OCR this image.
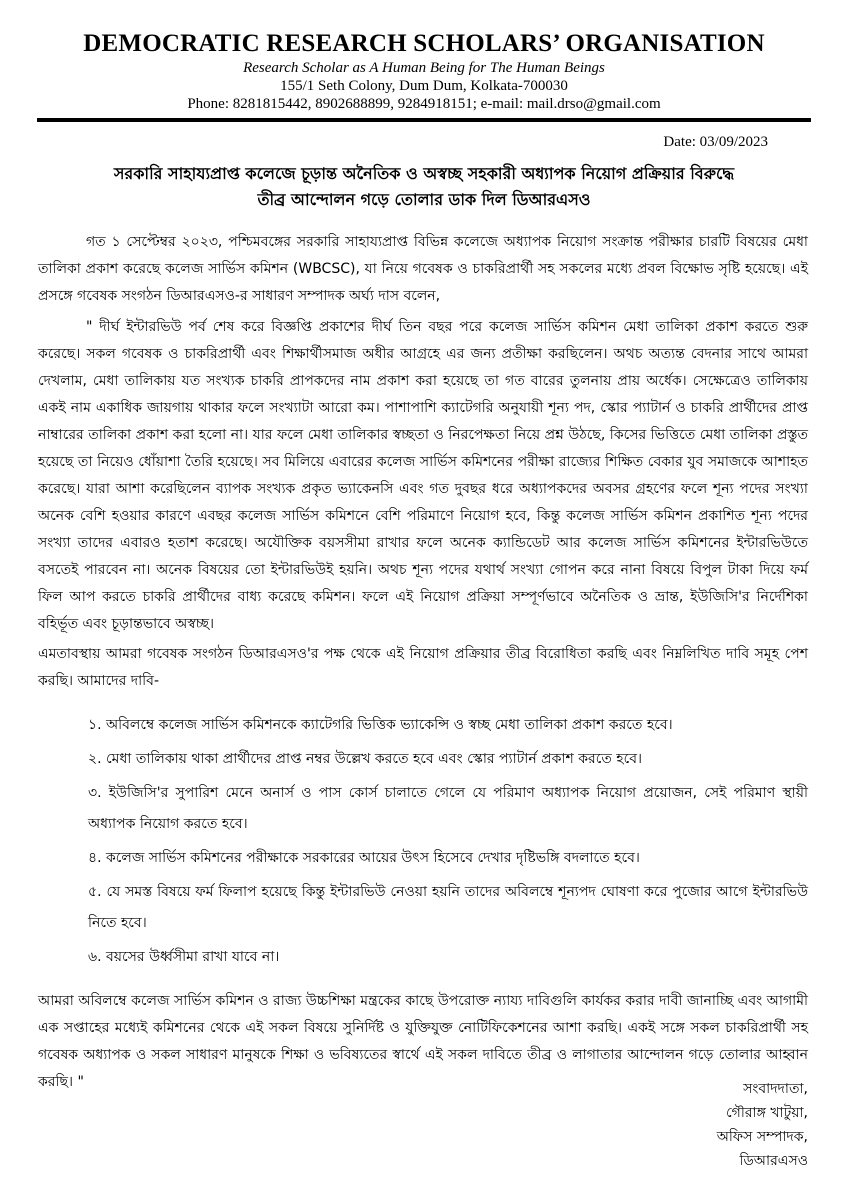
DEMOCRATIC RESEARCH SCHOLARS’ ORGANISATION
Research Scholar as A Human Being for The Human Beings
155/1 Seth Colony, Dum Dum, Kolkata-700030
Phone: 8281815442, 8902688899, 9284918151; e-mail: mail.drso@gmail.com
Date: 03/09/2023
সরকারি সাহায্যপ্রাপ্ত কলেজে চূড়ান্ত অনৈতিক ও অস্বচ্ছ সহকারী অধ্যাপক নিয়োগ প্রক্রিয়ার বিরুদ্ধে
তীব্র আন্দোলন গড়ে তোলার ডাক দিল ডিআরএসও
গত ১ সেপ্টেম্বর ২০২৩, পশ্চিমবঙ্গের সরকারি সাহায্যপ্রাপ্ত বিভিন্ন কলেজে অধ্যাপক নিয়োগ সংক্রান্ত পরীক্ষার চারটি বিষয়ের মেধা তালিকা প্রকাশ করেছে কলেজ সার্ভিস কমিশন (WBCSC), যা নিয়ে গবেষক ও চাকরিপ্রার্থী সহ সকলের মধ্যে প্রবল বিক্ষোভ সৃষ্টি হয়েছে। এই প্রসঙ্গে গবেষক সংগঠন ডিআরএসও-র সাধারণ সম্পাদক অর্ঘ্য দাস বলেন,
" দীর্ঘ ইন্টারভিউ পর্ব শেষ করে বিজ্ঞপ্তি প্রকাশের দীর্ঘ তিন বছর পরে কলেজ সার্ভিস কমিশন মেধা তালিকা প্রকাশ করতে শুরু করেছে। সকল গবেষক ও চাকরিপ্রার্থী এবং শিক্ষার্থীসমাজ অধীর আগ্রহে এর জন্য প্রতীক্ষা করছিলেন। অথচ অত্যন্ত বেদনার সাথে আমরা দেখলাম, মেধা তালিকায় যত সংখ্যক চাকরি প্রাপকদের নাম প্রকাশ করা হয়েছে তা গত বারের তুলনায় প্রায় অর্ধেক। সেক্ষেত্রেও তালিকায় একই নাম একাধিক জায়গায় থাকার ফলে সংখ্যাটা আরো কম। পাশাপাশি ক্যাটেগরি অনুযায়ী শূন্য পদ, স্কোর প্যাটার্ন ও চাকরি প্রার্থীদের প্রাপ্ত নাম্বারের তালিকা প্রকাশ করা হলো না। যার ফলে মেধা তালিকার স্বচ্ছতা ও নিরপেক্ষতা নিয়ে প্রশ্ন উঠছে, কিসের ভিত্তিতে মেধা তালিকা প্রস্তুত হয়েছে তা নিয়েও ধোঁয়াশা তৈরি হয়েছে। সব মিলিয়ে এবারের কলেজ সার্ভিস কমিশনের পরীক্ষা রাজ্যের শিক্ষিত বেকার যুব সমাজকে আশাহত করেছে। যারা আশা করেছিলেন ব্যাপক সংখ্যক প্রকৃত ভ্যাকেনসি এবং গত দুবছর ধরে অধ্যাপকদের অবসর গ্রহণের ফলে শূন্য পদের সংখ্যা অনেক বেশি হওয়ার কারণে এবছর কলেজ সার্ভিস কমিশনে বেশি পরিমাণে নিয়োগ হবে, কিন্তু কলেজ সার্ভিস কমিশন প্রকাশিত শূন্য পদের সংখ্যা তাদের এবারও হতাশ করেছে। অযৌক্তিক বয়সসীমা রাখার ফলে অনেক ক্যান্ডিডেট আর কলেজ সার্ভিস কমিশনের ইন্টারভিউতে বসতেই পারবেন না। অনেক বিষয়ের তো ইন্টারভিউই হয়নি। অথচ শূন্য পদের যথার্থ সংখ্যা গোপন করে নানা বিষয়ে বিপুল টাকা দিয়ে ফর্ম ফিল আপ করতে চাকরি প্রার্থীদের বাধ্য করেছে কমিশন। ফলে এই নিয়োগ প্রক্রিয়া সম্পূর্ণভাবে অনৈতিক ও ভ্রান্ত, ইউজিসি'র নির্দেশিকা বহির্ভূত এবং চূড়ান্তভাবে অস্বচ্ছ।
এমতাবস্থায় আমরা গবেষক সংগঠন ডিআরএসও'র পক্ষ থেকে এই নিয়োগ প্রক্রিয়ার তীব্র বিরোধিতা করছি এবং নিম্নলিখিত দাবি সমূহ পেশ করছি। আমাদের দাবি-
১. অবিলম্বে কলেজ সার্ভিস কমিশনকে ক্যাটেগরি ভিত্তিক ভ্যাকেন্সি ও স্বচ্ছ মেধা তালিকা প্রকাশ করতে হবে।
২. মেধা তালিকায় থাকা প্রার্থীদের প্রাপ্ত নম্বর উল্লেখ করতে হবে এবং স্কোর প্যাটার্ন প্রকাশ করতে হবে।
৩. ইউজিসি'র সুপারিশ মেনে অনার্স ও পাস কোর্স চালাতে গেলে যে পরিমাণ অধ্যাপক নিয়োগ প্রয়োজন, সেই পরিমাণ স্থায়ী অধ্যাপক নিয়োগ করতে হবে।
৪. কলেজ সার্ভিস কমিশনের পরীক্ষাকে সরকারের আয়ের উৎস হিসেবে দেখার দৃষ্টিভঙ্গি বদলাতে হবে।
৫. যে সমস্ত বিষয়ে ফর্ম ফিলাপ হয়েছে কিন্তু ইন্টারভিউ নেওয়া হয়নি তাদের অবিলম্বে শূন্যপদ ঘোষণা করে পুজোর আগে ইন্টারভিউ নিতে হবে।
৬. বয়সের উর্ধ্বসীমা রাখা যাবে না।
আমরা অবিলম্বে কলেজ সার্ভিস কমিশন ও রাজ্য উচ্চশিক্ষা মন্ত্রকের কাছে উপরোক্ত ন্যায্য দাবিগুলি কার্যকর করার দাবী জানাচ্ছি এবং আগামী এক সপ্তাহের মধ্যেই কমিশনের থেকে এই সকল বিষয়ে সুনির্দিষ্ট ও যুক্তিযুক্ত নোটিফিকেশনের আশা করছি। একই সঙ্গে সকল চাকরিপ্রার্থী সহ গবেষক অধ্যাপক ও সকল সাধারণ মানুষকে শিক্ষা ও ভবিষ্যতের স্বার্থে এই সকল দাবিতে তীব্র ও লাগাতার আন্দোলন গড়ে তোলার আহ্বান করছি। "	সংবাদদাতা,
গৌরাঙ্গ খাটুয়া,
অফিস সম্পাদক,
ডিআরএসও
